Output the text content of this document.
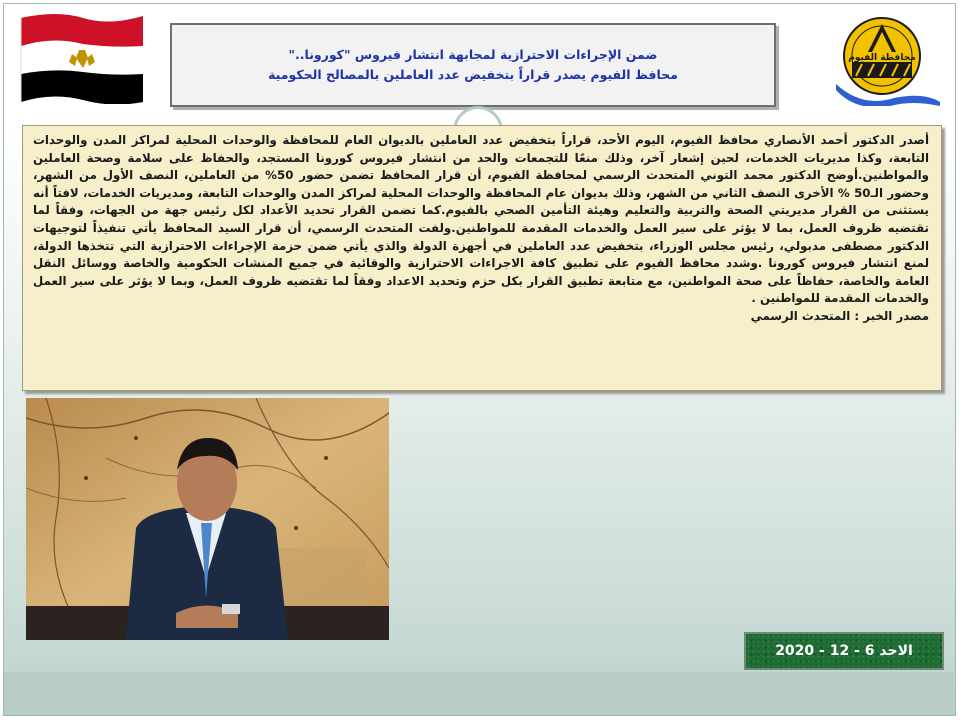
محافظة الفيوم
ضمن الإجراءات الاحترازية لمجابهة انتشار فيروس "كورونا.."
محافظ الفيوم يصدر قراراً بتخفيض عدد العاملين بالمصالح الحكومية

أصدر الدكتور أحمد الأنصاري محافظ الفيوم، اليوم الأحد، قراراً بتخفيض عدد العاملين بالديوان العام للمحافظة والوحدات المحلية لمراكز المدن والوحدات التابعة، وكذا مديريات الخدمات، لحين إشعار آخر، وذلك منعًا للتجمعات والحد من انتشار فيروس كورونا المستجد، والحفاظ على سلامة وصحة العاملين والمواطنين.أوضح الدكتور محمد التوني المتحدث الرسمي لمحافظة الفيوم، أن قرار المحافظ تضمن حضور 50% من العاملين، النصف الأول من الشهر، وحضور الـ50 % الأخرى النصف الثاني من الشهر، وذلك بديوان عام المحافظة والوحدات المحلية لمراكز المدن والوحدات التابعة، ومديريات الخدمات، لافتاً أنه يستثنى من القرار مديريتي الصحة والتربية والتعليم وهيئة التأمين الصحي بالفيوم.كما تضمن القرار تحديد الأعداد لكل رئيس جهة من الجهات، وفقاً لما تقتضيه ظروف العمل، بما لا يؤثر على سير العمل والخدمات المقدمة للمواطنين.ولفت المتحدث الرسمي، أن قرار السيد المحافظ يأتي تنفيذاً لتوجيهات الدكتور مصطفى مدبولي، رئيس مجلس الوزراء، بتخفيض عدد العاملين في أجهزة الدولة والذي يأتي ضمن حزمة الإجراءات الاحترازية التي تتخذها الدولة، لمنع انتشار فيروس كورونا .وشدد محافظ الفيوم على تطبيق كافة الاجراءات الاحترازية والوقائية في جميع المنشات الحكومية والخاصة ووسائل النقل العامة والخاصة، حفاظاً على صحة المواطنين، مع متابعة تطبيق القرار بكل حزم وتحديد الاعداد وفقاً لما تقتضيه ظروف العمل، وبما لا يؤثر على سير العمل والخدمات المقدمة للمواطنين .

مصدر الخبر : المتحدث الرسمي

الاحد 6 - 12 - 2020
